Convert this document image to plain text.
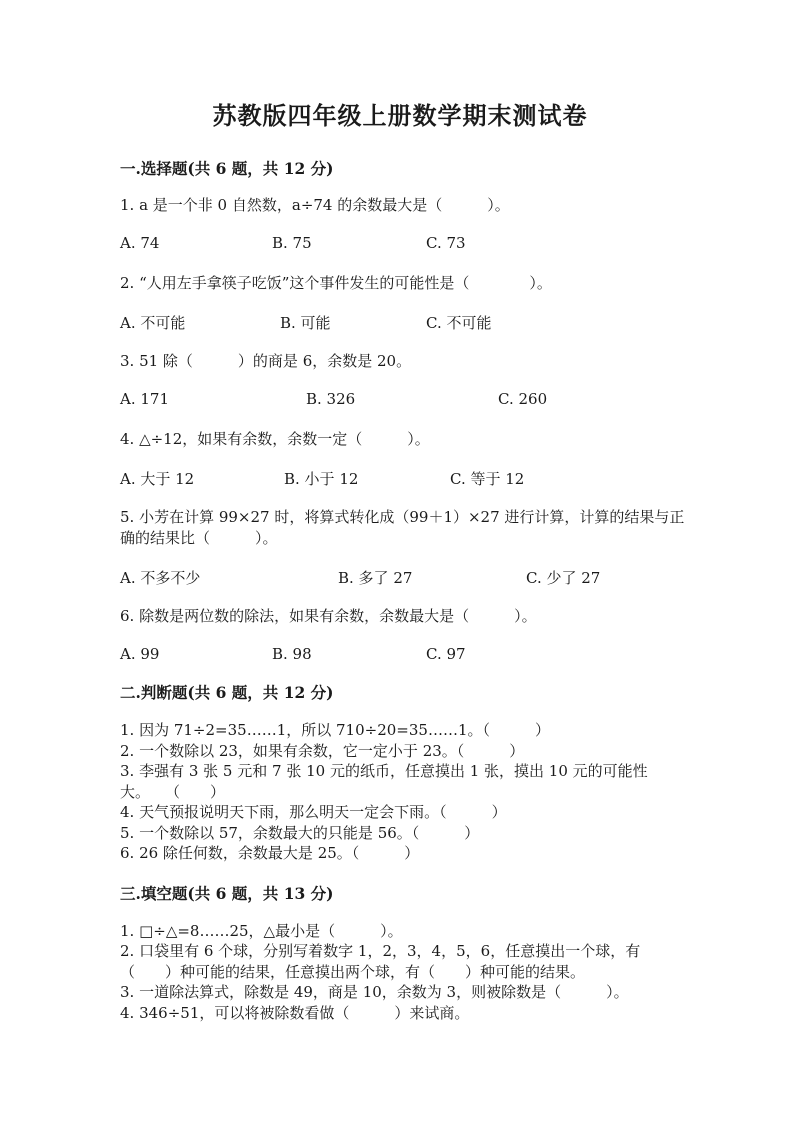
苏教版四年级上册数学期末测试卷

一.选择题(共 6 题，共 12 分)

1. a 是一个非 0 自然数，a÷74 的余数最大是（　　　）。

A. 74	B. 75	C. 73

2. “人用左手拿筷子吃饭”这个事件发生的可能性是（　　　　）。

A. 不可能	B. 可能	C. 不可能

3. 51 除（　　　）的商是 6，余数是 20。

A. 171	B. 326	C. 260

4. △÷12，如果有余数，余数一定（　　　）。

A. 大于 12	B. 小于 12	C. 等于 12

5. 小芳在计算 99×27 时，将算式转化成（99＋1）×27 进行计算，计算的结果与正确的结果比（　　　）。

A. 不多不少	B. 多了 27	C. 少了 27

6. 除数是两位数的除法，如果有余数，余数最大是（　　　）。

A. 99	B. 98	C. 97

二.判断题(共 6 题，共 12 分)

1. 因为 71÷2=35……1，所以 710÷20=35……1。（　　　）

2. 一个数除以 23，如果有余数，它一定小于 23。（　　　）

3. 李强有 3 张 5 元和 7 张 10 元的纸币，任意摸出 1 张，摸出 10 元的可能性大。　　（　　）

4. 天气预报说明天下雨，那么明天一定会下雨。（　　　）

5. 一个数除以 57，余数最大的只能是 56。（　　　）

6. 26 除任何数，余数最大是 25。（　　　）

三.填空题(共 6 题，共 13 分)

1. □÷△=8……25，△最小是（　　　）。

2. 口袋里有 6 个球，分别写着数字 1，2，3，4，5，6，任意摸出一个球，有（　　）种可能的结果，任意摸出两个球，有（　　）种可能的结果。

3. 一道除法算式，除数是 49，商是 10，余数为 3，则被除数是（　　　）。

4. 346÷51，可以将被除数看做（　　　）来试商。
